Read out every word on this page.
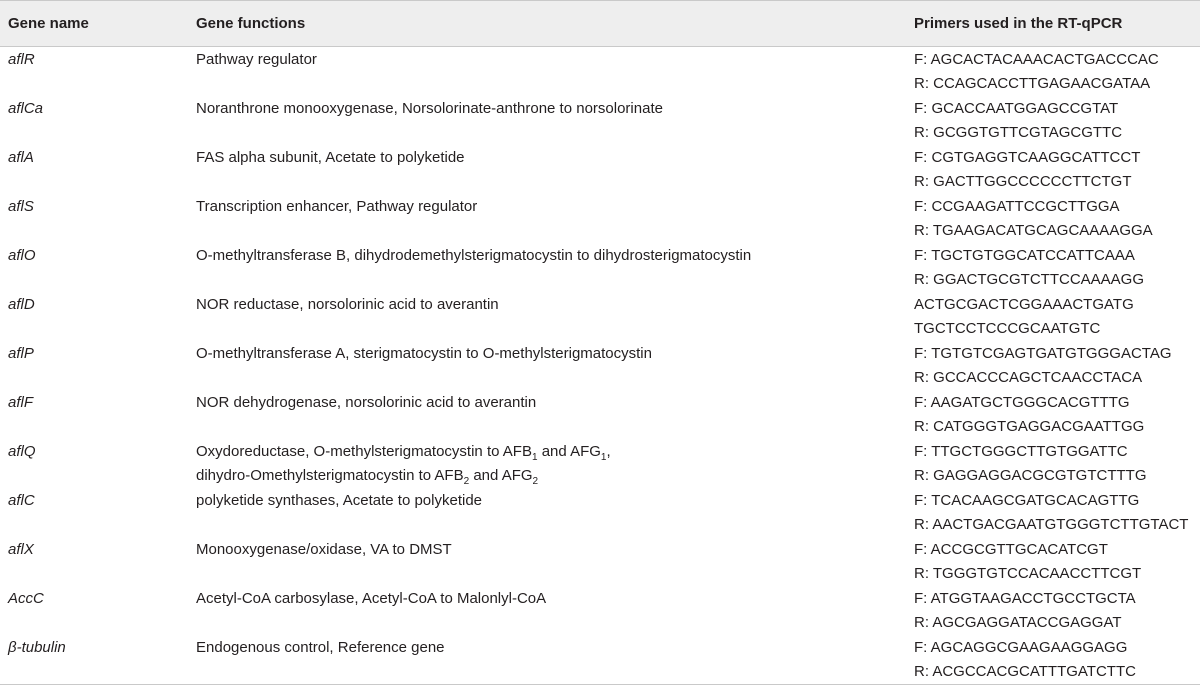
Gene name	Gene functions	Primers used in the RT-qPCR
aflR	Pathway regulator	F: AGCACTACAAACACTGACCCAC
R: CCAGCACCTTGAGAACGATAA

aflCa	Noranthrone monooxygenase, Norsolorinate-anthrone to norsolorinate	F: GCACCAATGGAGCCGTAT
R: GCGGTGTTCGTAGCGTTC

aflA	FAS alpha subunit, Acetate to polyketide	F: CGTGAGGTCAAGGCATTCCT
R: GACTTGGCCCCCCTTCTGT

aflS	Transcription enhancer, Pathway regulator	F: CCGAAGATTCCGCTTGGA
R: TGAAGACATGCAGCAAAAGGA

aflO	O-methyltransferase B, dihydrodemethylsterigmatocystin to dihydrosterigmatocystin	F: TGCTGTGGCATCCATTCAAA
R: GGACTGCGTCTTCCAAAAGG

aflD	NOR reductase, norsolorinic acid to averantin	ACTGCGACTCGGAAACTGATG
TGCTCCTCCCGCAATGTC

aflP	O-methyltransferase A, sterigmatocystin to O-methylsterigmatocystin	F: TGTGTCGAGTGATGTGGGACTAG
R: GCCACCCAGCTCAACCTACA

aflF	NOR dehydrogenase, norsolorinic acid to averantin	F: AAGATGCTGGGCACGTTTG
R: CATGGGTGAGGACGAATTGG

aflQ	Oxydoreductase, O-methylsterigmatocystin to $AFB_1$ and $AFG_1$,
dihydro-Omethylsterigmatocystin to $AFB_2$ and $AFG_2$	F: TTGCTGGGCTTGTGGATTC
R: GAGGAGGACGCGTGTCTTTG

aflC	polyketide synthases, Acetate to polyketide	F: TCACAAGCGATGCACAGTTG
R: AACTGACGAATGTGGGTCTTGTACT

aflX	Monooxygenase/oxidase, VA to DMST	F: ACCGCGTTGCACATCGT
R: TGGGTGTCCACAACCTTCGT

AccC	Acetyl-CoA carbosylase, Acetyl-CoA to Malonlyl-CoA	F: ATGGTAAGACCTGCCTGCTA
R: AGCGAGGATACCGAGGAT

β-tubulin	Endogenous control, Reference gene	F: AGCAGGCGAAGAAGGAGG
R: ACGCCACGCATTTGATCTTC
